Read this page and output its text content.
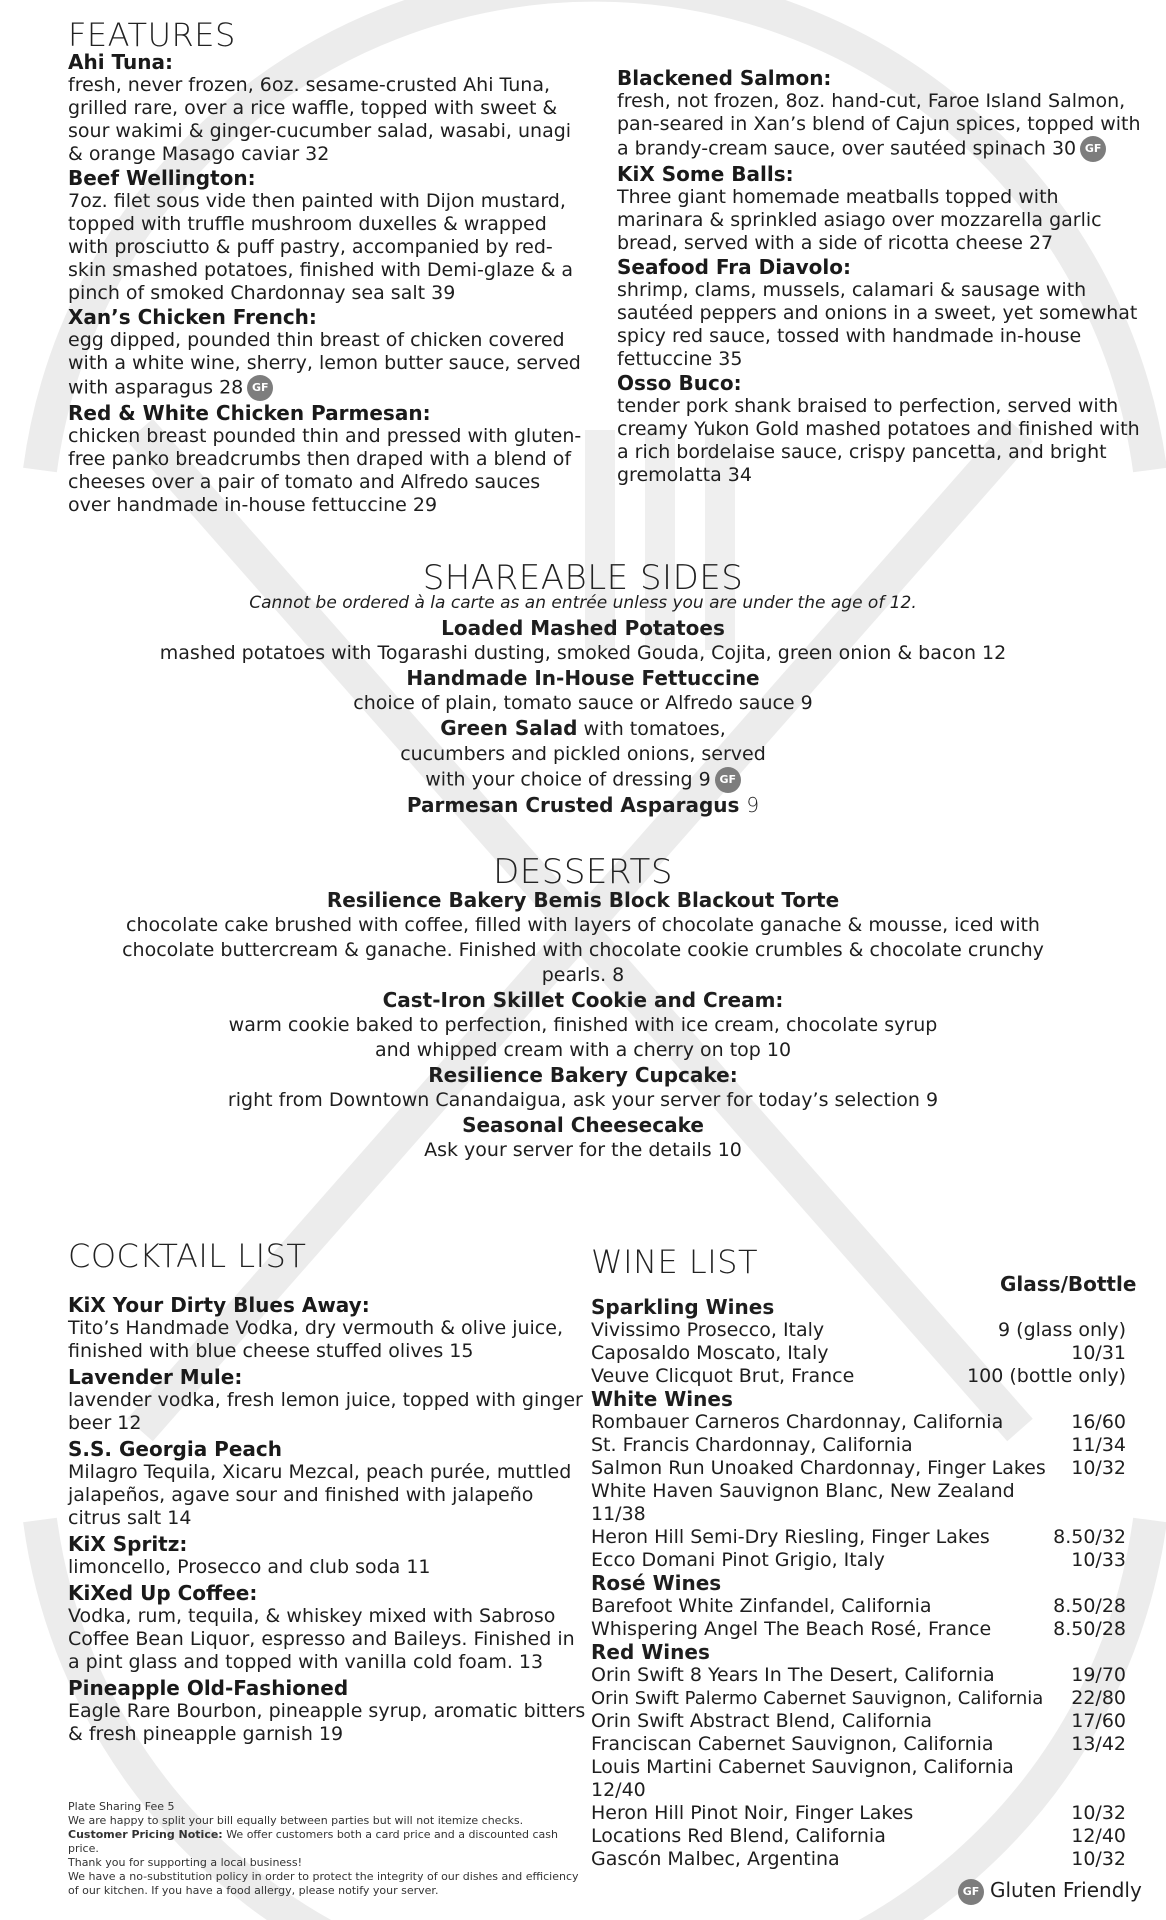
FEATURES
Ahi Tuna:
fresh, never frozen, 6oz. sesame-crusted Ahi Tuna, grilled rare, over a rice waffle, topped with sweet & sour wakimi & ginger-cucumber salad, wasabi, unagi & orange Masago caviar 32
Beef Wellington:
7oz. filet sous vide then painted with Dijon mustard, topped with truffle mushroom duxelles & wrapped with prosciutto & puff pastry, accompanied by red-skin smashed potatoes, finished with Demi-glaze & a pinch of smoked Chardonnay sea salt 39
Xan’s Chicken French:
egg dipped, pounded thin breast of chicken covered with a white wine, sherry, lemon butter sauce, served with asparagus 28 GF
Red & White Chicken Parmesan:
chicken breast pounded thin and pressed with gluten-free panko breadcrumbs then draped with a blend of cheeses over a pair of tomato and Alfredo sauces over handmade in-house fettuccine 29
Blackened Salmon:
fresh, not frozen, 8oz. hand-cut, Faroe Island Salmon, pan-seared in Xan’s blend of Cajun spices, topped with a brandy-cream sauce, over sautéed spinach 30 GF
KiX Some Balls:
Three giant homemade meatballs topped with marinara & sprinkled asiago over mozzarella garlic bread, served with a side of ricotta cheese 27
Seafood Fra Diavolo:
shrimp, clams, mussels, calamari & sausage with sautéed peppers and onions in a sweet, yet somewhat spicy red sauce, tossed with handmade in-house fettuccine 35
Osso Buco:
tender pork shank braised to perfection, served with creamy Yukon Gold mashed potatoes and finished with a rich bordelaise sauce, crispy pancetta, and bright gremolatta 34
SHAREABLE SIDES
Cannot be ordered à la carte as an entrée unless you are under the age of 12.
Loaded Mashed Potatoes
mashed potatoes with Togarashi dusting, smoked Gouda, Cojita, green onion & bacon 12
Handmade In-House Fettuccine
choice of plain, tomato sauce or Alfredo sauce 9
Green Salad with tomatoes,
cucumbers and pickled onions, served
with your choice of dressing 9 GF
Parmesan Crusted Asparagus 9
DESSERTS
Resilience Bakery Bemis Block Blackout Torte
chocolate cake brushed with coffee, filled with layers of chocolate ganache & mousse, iced with
chocolate buttercream & ganache. Finished with chocolate cookie crumbles & chocolate crunchy
pearls. 8
Cast-Iron Skillet Cookie and Cream:
warm cookie baked to perfection, finished with ice cream, chocolate syrup
and whipped cream with a cherry on top 10
Resilience Bakery Cupcake:
right from Downtown Canandaigua, ask your server for today’s selection 9
Seasonal Cheesecake
Ask your server for the details 10
COCKTAIL LIST
KiX Your Dirty Blues Away:
Tito’s Handmade Vodka, dry vermouth & olive juice, finished with blue cheese stuffed olives 15
Lavender Mule:
lavender vodka, fresh lemon juice, topped with ginger beer 12
S.S. Georgia Peach
Milagro Tequila, Xicaru Mezcal, peach purée, muttled jalapeños, agave sour and finished with jalapeño citrus salt 14
KiX Spritz:
limoncello, Prosecco and club soda 11
KiXed Up Coffee:
Vodka, rum, tequila, & whiskey mixed with Sabroso Coffee Bean Liquor, espresso and Baileys. Finished in a pint glass and topped with vanilla cold foam. 13
Pineapple Old-Fashioned
Eagle Rare Bourbon, pineapple syrup, aromatic bitters & fresh pineapple garnish 19
WINE LIST
Glass/Bottle
Sparkling Wines
Vivissimo Prosecco, Italy	9 (glass only)
Caposaldo Moscato, Italy	10/31
Veuve Clicquot Brut, France	100 (bottle only)
White Wines
Rombauer Carneros Chardonnay, California	16/60
St. Francis Chardonnay, California	11/34
Salmon Run Unoaked Chardonnay, Finger Lakes 10/32
White Haven Sauvignon Blanc, New Zealand
11/38
Heron Hill Semi-Dry Riesling, Finger Lakes	8.50/32
Ecco Domani Pinot Grigio, Italy	10/33
Rosé Wines
Barefoot White Zinfandel, California	8.50/28
Whispering Angel The Beach Rosé, France	8.50/28
Red Wines
Orin Swift 8 Years In The Desert, California	19/70
Orin Swift Palermo Cabernet Sauvignon, California 22/80
Orin Swift Abstract Blend, California	17/60
Franciscan Cabernet Sauvignon, California	13/42
Louis Martini Cabernet Sauvignon, California
12/40
Heron Hill Pinot Noir, Finger Lakes	10/32
Locations Red Blend, California	12/40
Gascón Malbec, Argentina	10/32
Plate Sharing Fee 5
We are happy to split your bill equally between parties but will not itemize checks.
Customer Pricing Notice: We offer customers both a card price and a discounted cash price.
Thank you for supporting a local business!
We have a no-substitution policy in order to protect the integrity of our dishes and efficiency of our kitchen. If you have a food allergy, please notify your server.	GF Gluten Friendly
